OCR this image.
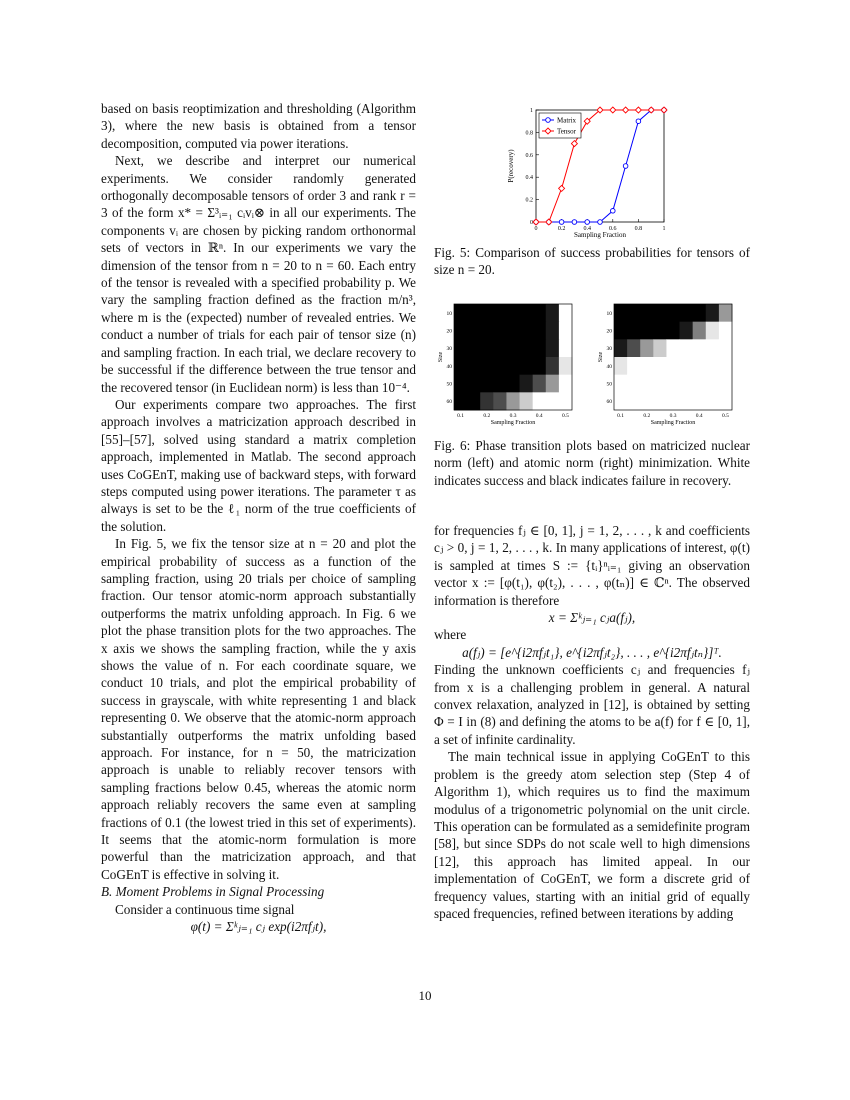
based on basis reoptimization and thresholding (Algorithm 3), where the new basis is obtained from a tensor decomposition, computed via power iterations.

Next, we describe and interpret our numerical experiments. We consider randomly generated orthogonally decomposable tensors of order 3 and rank r = 3 of the form x* = Σ³ᵢ₌₁ cᵢvᵢ⊗ in all our experiments. The components vᵢ are chosen by picking random orthonormal sets of vectors in ℝⁿ. In our experiments we vary the dimension of the tensor from n = 20 to n = 60. Each entry of the tensor is revealed with a specified probability p. We vary the sampling fraction defined as the fraction m/n³, where m is the (expected) number of revealed entries. We conduct a number of trials for each pair of tensor size (n) and sampling fraction. In each trial, we declare recovery to be successful if the difference between the true tensor and the recovered tensor (in Euclidean norm) is less than 10⁻⁴.

Our experiments compare two approaches. The first approach involves a matricization approach described in [55]–[57], solved using standard a matrix completion approach, implemented in Matlab. The second approach uses CoGEnT, making use of backward steps, with forward steps computed using power iterations. The parameter τ as always is set to be the ℓ₁ norm of the true coefficients of the solution.

In Fig. 5, we fix the tensor size at n = 20 and plot the empirical probability of success as a function of the sampling fraction, using 20 trials per choice of sampling fraction. Our tensor atomic-norm approach substantially outperforms the matrix unfolding approach. In Fig. 6 we plot the phase transition plots for the two approaches. The x axis we shows the sampling fraction, while the y axis shows the value of n. For each coordinate square, we conduct 10 trials, and plot the empirical probability of success in grayscale, with white representing 1 and black representing 0. We observe that the atomic-norm approach substantially outperforms the matrix unfolding based approach. For instance, for n = 50, the matricization approach is unable to reliably recover tensors with sampling fractions below 0.45, whereas the atomic norm approach reliably recovers the same even at sampling fractions of 0.1 (the lowest tried in this set of experiments). It seems that the atomic-norm formulation is more powerful than the matricization approach, and that CoGEnT is effective in solving it.

B. Moment Problems in Signal Processing

Consider a continuous time signal

φ(t) = Σᵏⱼ₌₁ cⱼ exp(i2πfⱼt),

0	0.2	0.4	0.6	0.8	1
0
0.2
0.4
0.6
0.8
1
Sampling Fraction
P(recovery)
Matrix
Tensor
Fig. 5: Comparison of success probabilities for tensors of size n = 20.
0.1	0.2	0.3	0.4	0.5
10
20
30
40
50
60
Sampling Fraction
Size
0.1	0.2	0.3	0.4	0.5
10
20
30
40
50
60
Sampling Fraction
Size
Fig. 6: Phase transition plots based on matricized nuclear norm (left) and atomic norm (right) minimization. White indicates success and black indicates failure in recovery.

for frequencies fⱼ ∈ [0, 1], j = 1, 2, . . . , k and coefficients cⱼ > 0, j = 1, 2, . . . , k. In many applications of interest, φ(t) is sampled at times S := {tᵢ}ⁿᵢ₌₁ giving an observation vector x := [φ(t₁), φ(t₂), . . . , φ(tₙ)] ∈ ℂⁿ. The observed information is therefore

x = Σᵏⱼ₌₁ cⱼa(fⱼ),

where

a(fⱼ) = [e^{i2πfⱼt₁}, e^{i2πfⱼt₂}, . . . , e^{i2πfⱼtₙ}]ᵀ.

Finding the unknown coefficients cⱼ and frequencies fⱼ from x is a challenging problem in general. A natural convex relaxation, analyzed in [12], is obtained by setting Φ = I in (8) and defining the atoms to be a(f) for f ∈ [0, 1], a set of infinite cardinality.

The main technical issue in applying CoGEnT to this problem is the greedy atom selection step (Step 4 of Algorithm 1), which requires us to find the maximum modulus of a trigonometric polynomial on the unit circle. This operation can be formulated as a semidefinite program [58], but since SDPs do not scale well to high dimensions [12], this approach has limited appeal. In our implementation of CoGEnT, we form a discrete grid of frequency values, starting with an initial grid of equally spaced frequencies, refined between iterations by adding

10
